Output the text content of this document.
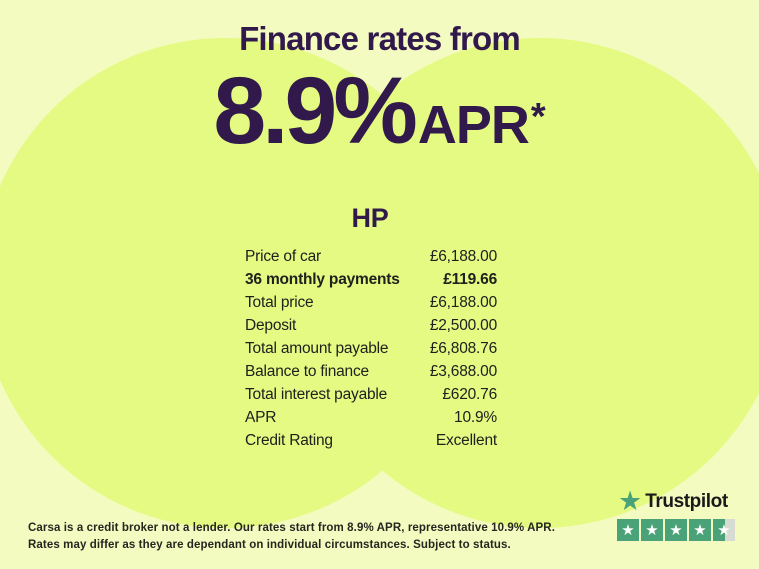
Finance rates from
8.9% APR *
HP
Price of car	£6,188.00
36 monthly payments	£119.66
Total price	£6,188.00
Deposit	£2,500.00
Total amount payable	£6,808.76
Balance to finance	£3,688.00
Total interest payable	£620.76
APR	10.9%
Credit Rating	Excellent

Carsa is a credit broker not a lender. Our rates start from 8.9% APR, representative 10.9% APR.
Rates may differ as they are dependant on individual circumstances. Subject to status.

★ Trustpilot
★ ★ ★ ★ ★
